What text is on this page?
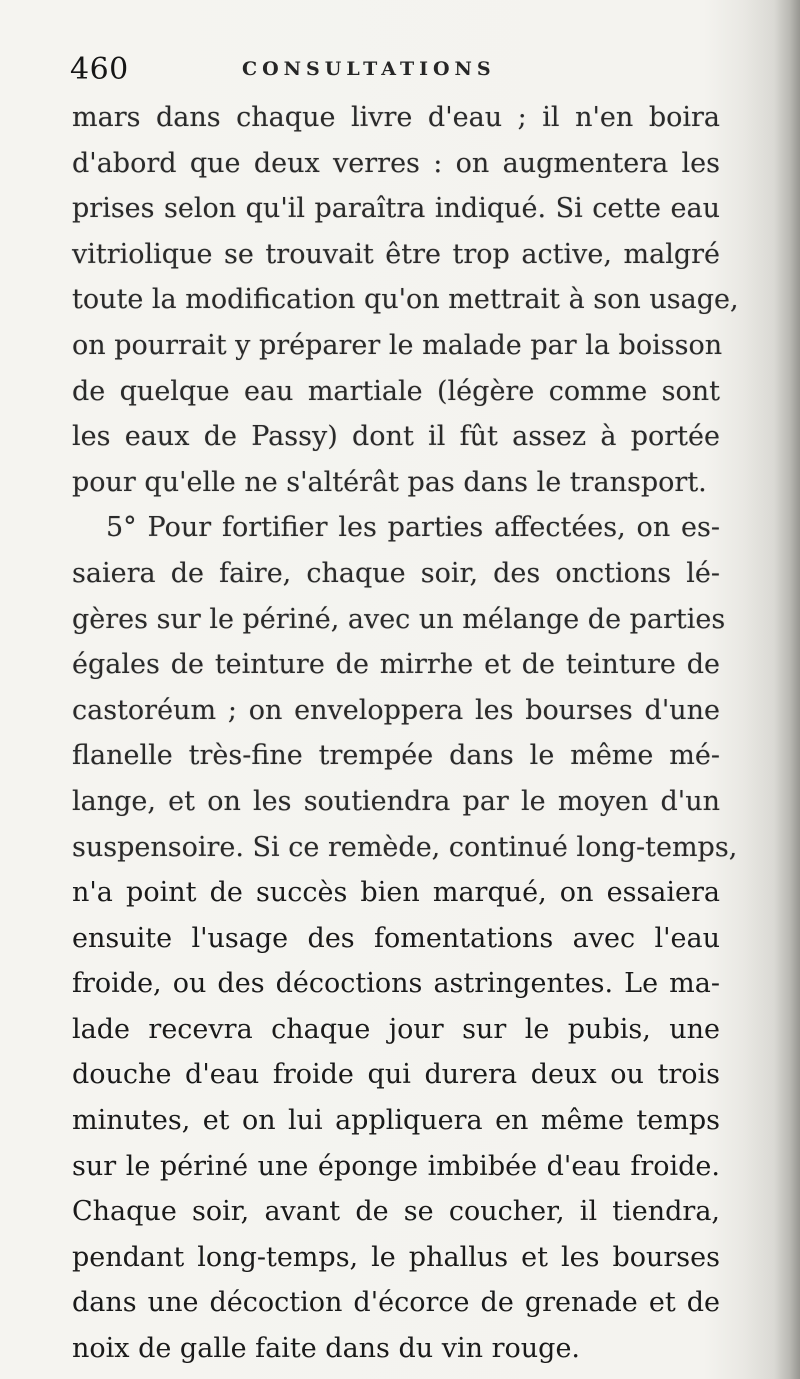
460	CONSULTATIONS
mars dans chaque livre d'eau ; il n'en boira
d'abord que deux verres : on augmentera les
prises selon qu'il paraîtra indiqué. Si cette eau
vitriolique se trouvait être trop active, malgré
toute la modification qu'on mettrait à son usage,
on pourrait y préparer le malade par la boisson
de quelque eau martiale (légère comme sont
les eaux de Passy) dont il fût assez à portée
pour qu'elle ne s'altérât pas dans le transport.
5° Pour fortifier les parties affectées, on es-
saiera de faire, chaque soir, des onctions lé-
gères sur le périné, avec un mélange de parties
égales de teinture de mirrhe et de teinture de
castoréum ; on enveloppera les bourses d'une
flanelle très-fine trempée dans le même mé-
lange, et on les soutiendra par le moyen d'un
suspensoire. Si ce remède, continué long-temps,
n'a point de succès bien marqué, on essaiera
ensuite l'usage des fomentations avec l'eau
froide, ou des décoctions astringentes. Le ma-
lade recevra chaque jour sur le pubis, une
douche d'eau froide qui durera deux ou trois
minutes, et on lui appliquera en même temps
sur le périné une éponge imbibée d'eau froide.
Chaque soir, avant de se coucher, il tiendra,
pendant long-temps, le phallus et les bourses
dans une décoction d'écorce de grenade et de
noix de galle faite dans du vin rouge.
